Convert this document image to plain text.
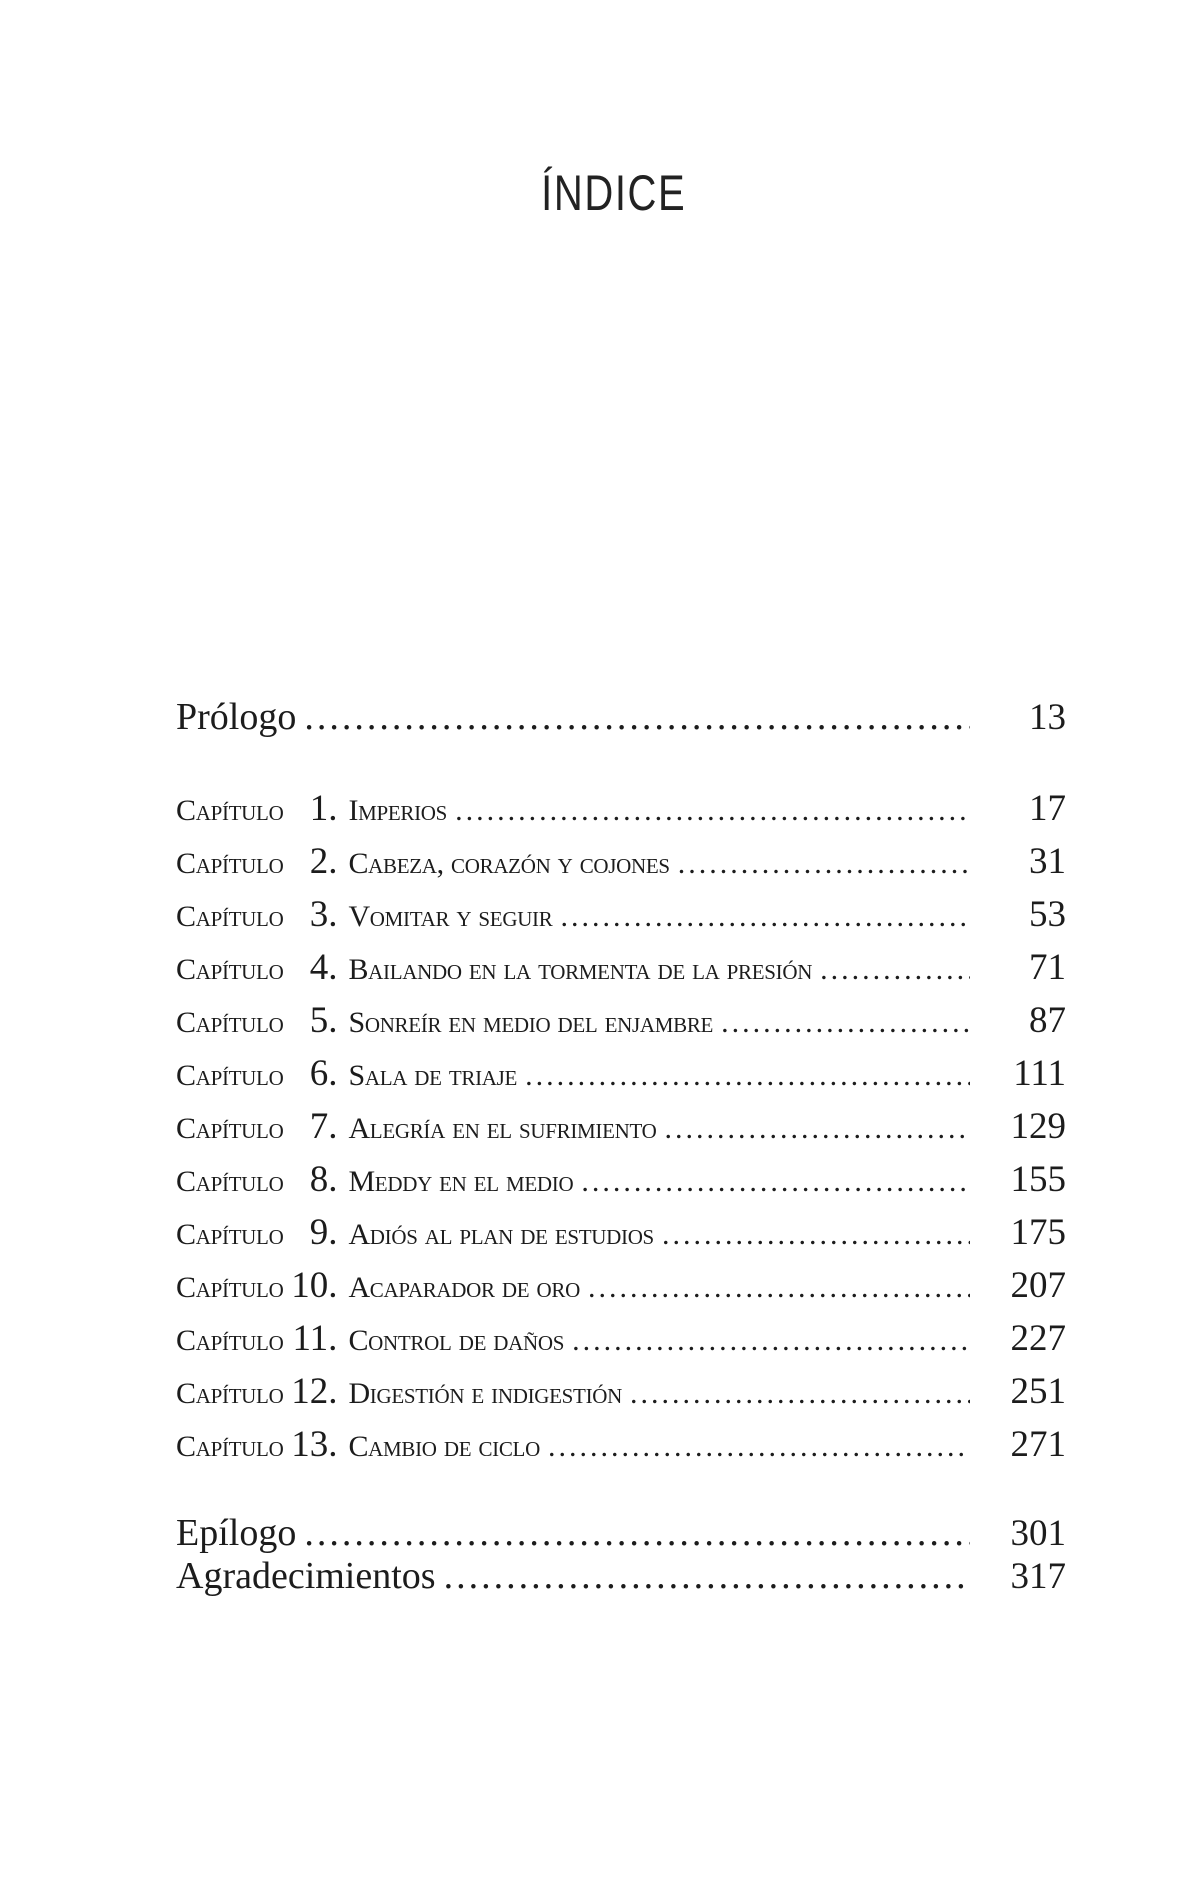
ÍNDICE
Prólogo .....	13
Capítulo 1. Imperios .....	17
Capítulo 2. Cabeza, corazón y cojones .....	31
Capítulo 3. Vomitar y seguir .....	53
Capítulo 4. Bailando en la tormenta de la presión .....	71
Capítulo 5. Sonreír en medio del enjambre .....	87
Capítulo 6. Sala de triaje .....	111
Capítulo 7. Alegría en el sufrimiento .....	129
Capítulo 8. Meddy en el medio .....	155
Capítulo 9. Adiós al plan de estudios .....	175
Capítulo 10. Acaparador de oro .....	207
Capítulo 11. Control de daños .....	227
Capítulo 12. Digestión e indigestión .....	251
Capítulo 13. Cambio de ciclo .....	271
Epílogo .....	301
Agradecimientos .....	317
